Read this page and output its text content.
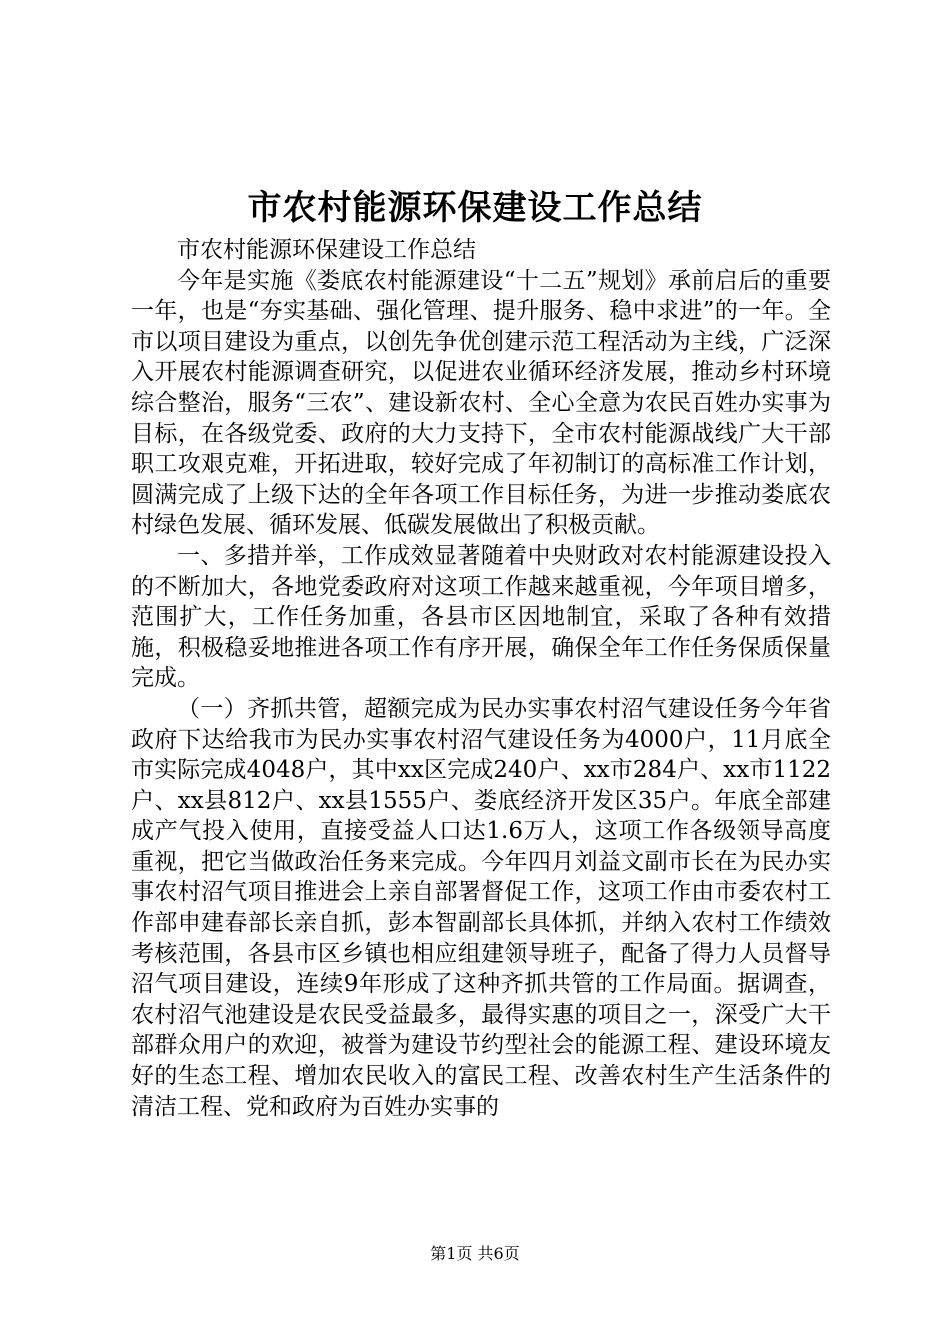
市农村能源环保建设工作总结

市农村能源环保建设工作总结

今年是实施《娄底农村能源建设“十二五”规划》承前启后的重要一年，也是“夯实基础、强化管理、提升服务、稳中求进”的一年。全市以项目建设为重点，以创先争优创建示范工程活动为主线，广泛深入开展农村能源调查研究，以促进农业循环经济发展，推动乡村环境综合整治，服务“三农”、建设新农村、全心全意为农民百姓办实事为目标，在各级党委、政府的大力支持下，全市农村能源战线广大干部职工攻艰克难，开拓进取，较好完成了年初制订的高标准工作计划，圆满完成了上级下达的全年各项工作目标任务，为进一步推动娄底农村绿色发展、循环发展、低碳发展做出了积极贡献。

一、多措并举，工作成效显著随着中央财政对农村能源建设投入的不断加大，各地党委政府对这项工作越来越重视，今年项目增多，范围扩大，工作任务加重，各县市区因地制宜，采取了各种有效措施，积极稳妥地推进各项工作有序开展，确保全年工作任务保质保量完成。

（一）齐抓共管，超额完成为民办实事农村沼气建设任务今年省政府下达给我市为民办实事农村沼气建设任务为4000户，11月底全市实际完成4048户，其中xx区完成240户、xx市284户、xx市1122户、xx县812户、xx县1555户、娄底经济开发区35户。年底全部建成产气投入使用，直接受益人口达1.6万人，这项工作各级领导高度重视，把它当做政治任务来完成。今年四月刘益文副市长在为民办实事农村沼气项目推进会上亲自部署督促工作，这项工作由市委农村工作部申建春部长亲自抓，彭本智副部长具体抓，并纳入农村工作绩效考核范围，各县市区乡镇也相应组建领导班子，配备了得力人员督导沼气项目建设，连续9年形成了这种齐抓共管的工作局面。据调查，农村沼气池建设是农民受益最多，最得实惠的项目之一，深受广大干部群众用户的欢迎，被誉为建设节约型社会的能源工程、建设环境友好的生态工程、增加农民收入的富民工程、改善农村生产生活条件的清洁工程、党和政府为百姓办实事的

第1页 共6页
